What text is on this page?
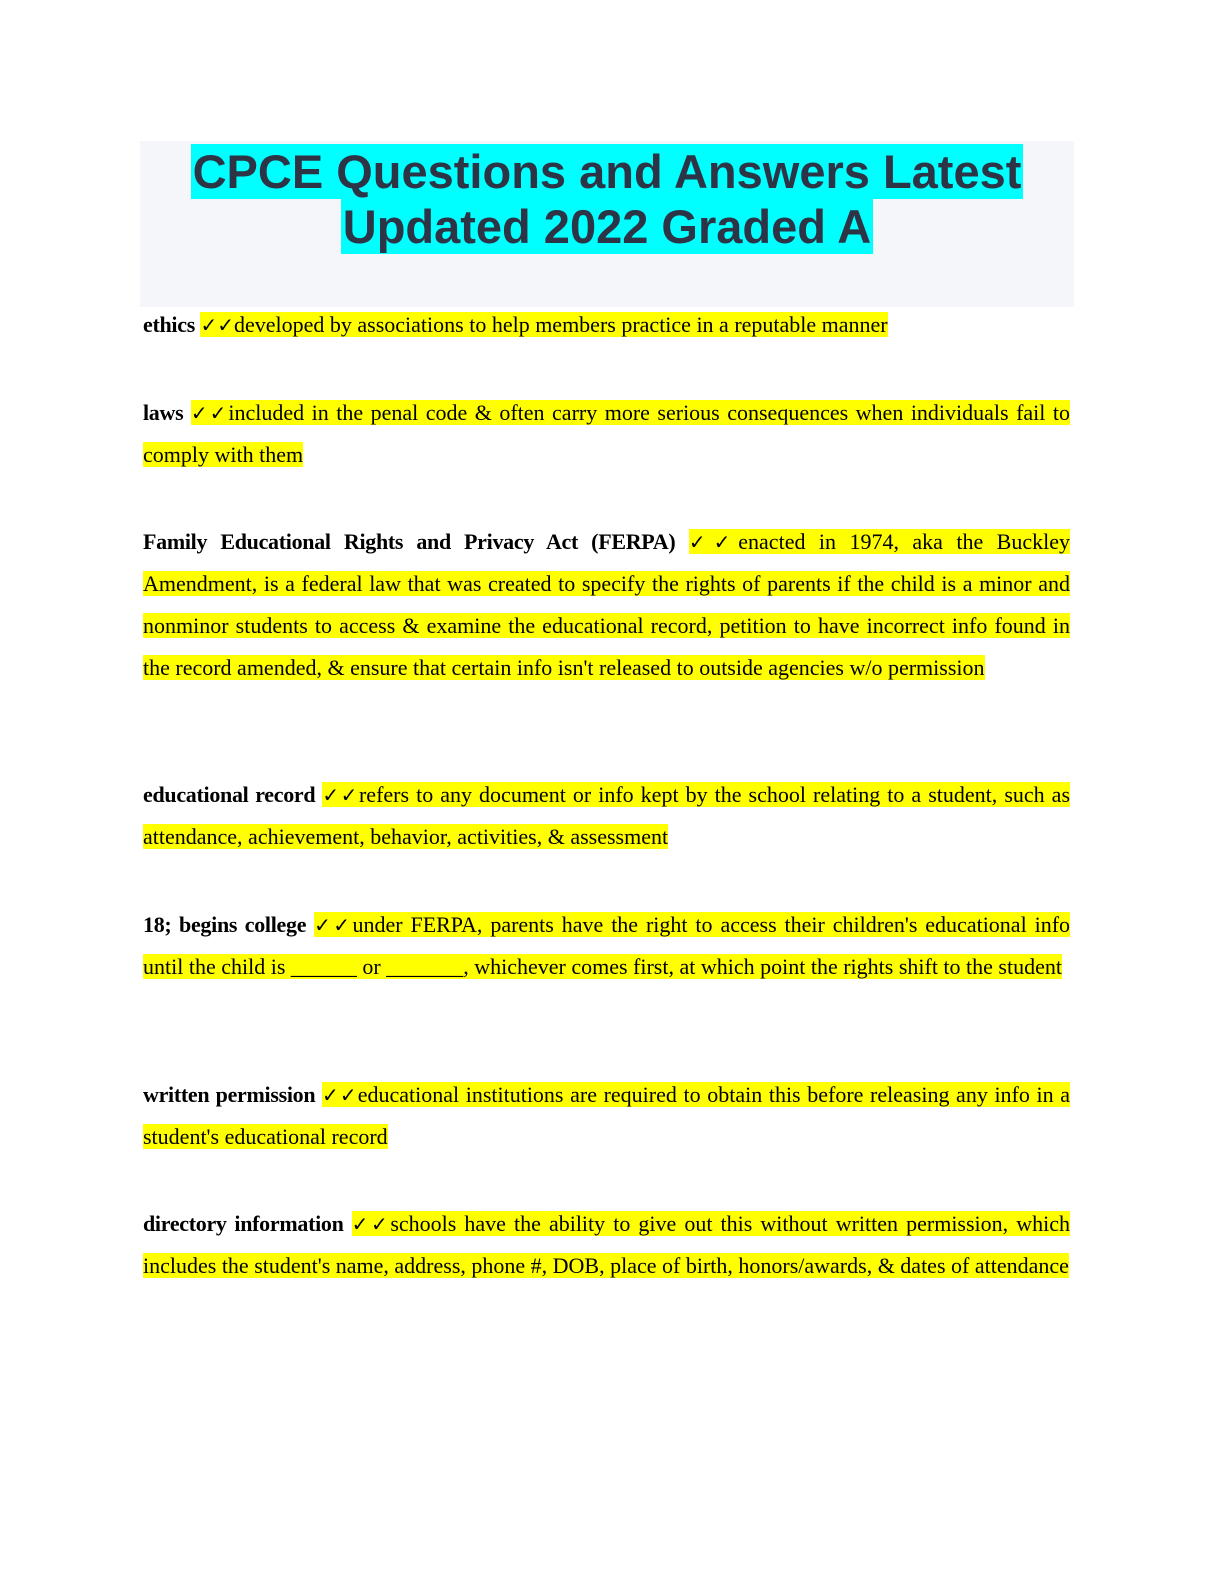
CPCE Questions and Answers Latest
Updated 2022 Graded A
ethics ✓✓developed by associations to help members practice in a reputable manner
laws ✓✓included in the penal code & often carry more serious consequences when individuals fail to comply with them
Family Educational Rights and Privacy Act (FERPA) ✓✓enacted in 1974, aka the Buckley Amendment, is a federal law that was created to specify the rights of parents if the child is a minor and nonminor students to access & examine the educational record, petition to have incorrect info found in the record amended, & ensure that certain info isn't released to outside agencies w/o permission
educational record ✓✓refers to any document or info kept by the school relating to a student, such as attendance, achievement, behavior, activities, & assessment
18; begins college ✓✓under FERPA, parents have the right to access their children's educational info until the child is ______ or _______, whichever comes first, at which point the rights shift to the student
written permission ✓✓educational institutions are required to obtain this before releasing any info in a student's educational record
directory information ✓✓schools have the ability to give out this without written permission, which includes the student's name, address, phone #, DOB, place of birth, honors/awards, & dates of attendance
